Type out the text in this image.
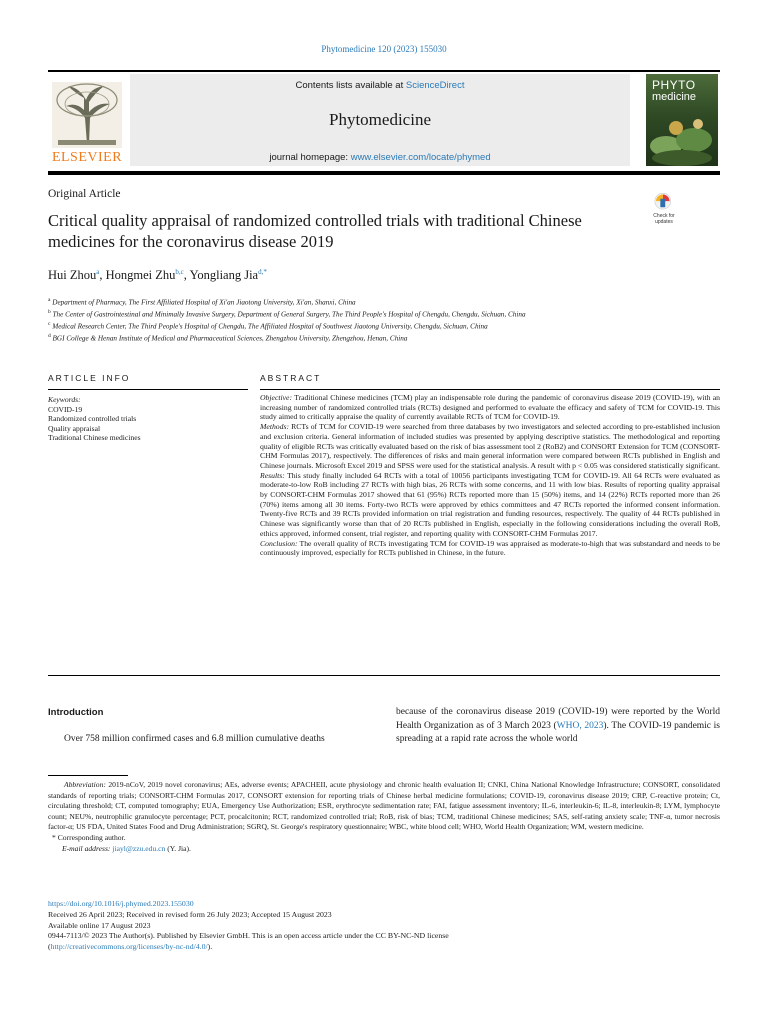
Phytomedicine 120 (2023) 155030
ELSEVIER
Contents lists available at ScienceDirect
Phytomedicine
journal homepage: www.elsevier.com/locate/phymed
PHYTO
medicine
Original Article
Critical quality appraisal of randomized controlled trials with traditional Chinese medicines for the coronavirus disease 2019
Check for updates
Hui Zhou$^a$, Hongmei Zhu$^{b,c}$, Yongliang Jia$^{d,*}$
$^a$ Department of Pharmacy, The First Affiliated Hospital of Xi'an Jiaotong University, Xi'an, Shanxi, China
$^b$ The Center of Gastrointestinal and Minimally Invasive Surgery, Department of General Surgery, The Third People's Hospital of Chengdu, Chengdu, Sichuan, China
$^c$ Medical Research Center, The Third People's Hospital of Chengdu, The Affiliated Hospital of Southwest Jiaotong University, Chengdu, Sichuan, China
$^d$ BGI College & Henan Institute of Medical and Pharmaceutical Sciences, Zhengzhou University, Zhengzhou, Henan, China
ARTICLE INFO	ABSTRACT
Keywords:
COVID-19
Randomized controlled trials
Quality appraisal
Traditional Chinese medicines

Objective: Traditional Chinese medicines (TCM) play an indispensable role during the pandemic of coronavirus disease 2019 (COVID-19), with an increasing number of randomized controlled trials (RCTs) designed and performed to evaluate the efficacy and safety of TCM for COVID-19. This study aimed to critically appraise the quality of currently available RCTs of TCM for COVID-19.

Methods: RCTs of TCM for COVID-19 were searched from three databases by two investigators and selected according to pre-established inclusion and exclusion criteria. General information of included studies was presented by applying descriptive statistics. The methodological and reporting quality of eligible RCTs was critically evaluated based on the risk of bias assessment tool 2 (RoB2) and CONSORT Extension for TCM (CONSORT-CHM Formulas 2017), respectively. The differences of risks and main general information were compared between RCTs published in English and Chinese journals. Microsoft Excel 2019 and SPSS were used for the statistical analysis. A result with p < 0.05 was considered statistically significant.

Results: This study finally included 64 RCTs with a total of 10056 participants investigating TCM for COVID-19. All 64 RCTs were evaluated as moderate-to-low RoB including 27 RCTs with high bias, 26 RCTs with some concerns, and 11 with low bias. Results of reporting quality appraisal by CONSORT-CHM Formulas 2017 showed that 61 (95%) RCTs reported more than 15 (50%) items, and 14 (22%) RCTs reported more than 26 (70%) items among all 30 items. Forty-two RCTs were approved by ethics committees and 47 RCTs reported the informed consent information. Twenty-five RCTs and 39 RCTs provided information on trial registration and funding resources, respectively. The quality of 44 RCTs published in Chinese was significantly worse than that of 20 RCTs published in English, especially in the following considerations including the overall RoB, ethics approved, informed consent, trial register, and reporting quality with CONSORT-CHM Formulas 2017.

Conclusion: The overall quality of RCTs investigating TCM for COVID-19 was appraised as moderate-to-high that was substandard and needs to be continuously improved, especially for RCTs published in Chinese, in the future.

Introduction
Over 758 million confirmed cases and 6.8 million cumulative deaths
because of the coronavirus disease 2019 (COVID-19) were reported by the World Health Organization as of 3 March 2023 (WHO, 2023). The COVID-19 pandemic is spreading at a rapid rate across the whole world

Abbreviation: 2019-nCoV, 2019 novel coronavirus; AEs, adverse events; APACHEII, acute physiology and chronic health evaluation II; CNKI, China National Knowledge Infrastructure; CONSORT, consolidated standards of reporting trials; CONSORT-CHM Formulas 2017, CONSORT extension for reporting trials of Chinese herbal medicine formulations; COVID-19, coronavirus disease 2019; CRP, C-reactive protein; Ct, circulating threshold; CT, computed tomography; EUA, Emergency Use Authorization; ESR, erythrocyte sedimentation rate; FAI, fatigue assessment inventory; IL-6, interleukin-6; IL-8, interleukin-8; LYM, lymphocyte count; NEU%, neutrophilic granulocyte percentage; PCT, procalcitonin; RCT, randomized controlled trial; RoB, risk of bias; TCM, traditional Chinese medicines; SAS, self-rating anxiety scale; TNF-α, tumor necrosis factor-α; US FDA, United States Food and Drug Administration; SGRQ, St. George's respiratory questionnaire; WBC, white blood cell; WHO, World Health Organization; WM, western medicine.

* Corresponding author.

E-mail address: jiayl@zzu.edu.cn (Y. Jia).

https://doi.org/10.1016/j.phymed.2023.155030

Received 26 April 2023; Received in revised form 26 July 2023; Accepted 15 August 2023

Available online 17 August 2023

0944-7113/© 2023 The Author(s). Published by Elsevier GmbH. This is an open access article under the CC BY-NC-ND license
(http://creativecommons.org/licenses/by-nc-nd/4.0/).
